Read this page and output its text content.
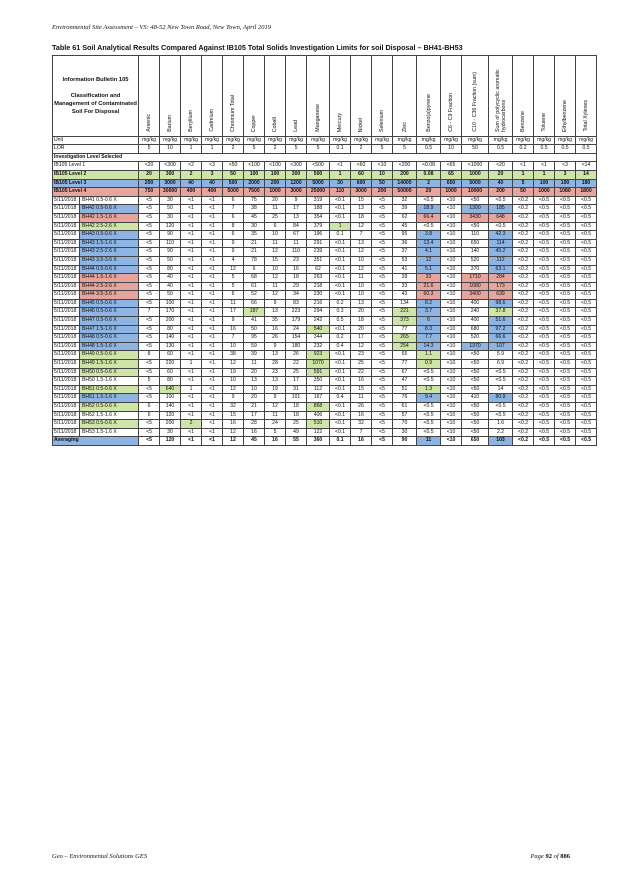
Environmental Site Assessment – VS: 48-52 New Town Road, New Town, April 2019
Table 61 Soil Analytical Results Compared Against IB105 Total Solids Investigation Limits for soil Disposal – BH41-BH53
Information Bulletin 105
Classification and Management of Contaminated Soil For Disposal		Arsenic	Barium	Beryllium	Cadmium	Chromium Total	Copper	Cobalt	Lead	Manganese	Mercury	Nickel	Selenium	Zinc	Benzo(a)pyrene	C6 - C9 Fraction	C10 - C36 Fraction (sum)	Sum of polycyclic aromatic hydrocarbons	Benzene	Toluene	Ethylbenzene	Total Xylenes
Unit		mg/kg	mg/kg	mg/kg	mg/kg	mg/kg	mg/kg	mg/kg	mg/kg	mg/kg	mg/kg	mg/kg	mg/kg	mg/kg	mg/kg	mg/kg	mg/kg	mg/kg	mg/kg	mg/kg	mg/kg	mg/kg
LOR		5	10	1	1	2	5	2	5	5	0.1	2	5	5	0.5	10	50	0.5	0.2	0.5	0.5	0.5
Investigation Level Selected																						
IB105 Level 1		<20	<300	<2	<3	<50	<100	<100	<300	<500	<1	<60	<10	<200	<0.08	<65	<1000	<20	<1	<1	<3	<14
IB105 Level 2		20	300	2	3	50	100	100	300	500	1	60	10	200	0.08	65	1000	20	1	1	3	14
IB105 Level 3		200	3000	40	40	500	2000	200	1200	5000	30	600	50	14000	2	650	5000	40	5	100	100	180
IB105 Level 4		750	30000	400	400	5000	7500	1000	3000	25000	110	3000	200	50000	20	1000	10000	200	50	1000	1080	1800
5/11/2018	BH41 0.5-0.6 X	<5	30	<1	<1	6	75	20	9	319	<0.1	15	<5	32	<0.5	<10	<50	<0.5	<0.2	<0.5	<0.5	<0.5
5/11/2018	BH42 0.5-0.6 X	<5	50	<1	<1	7	38	11	17	188	<0.1	13	<5	39	18.9	<10	1300	185	<0.2	<0.5	<0.5	<0.5
5/11/2018	BH42 1.5-1.6 X	<5	30	<1	<1	6	45	25	13	354	<0.1	18	<5	62	66.4	<10	3430	648	<0.2	<0.5	<0.5	<0.5
5/11/2018	BH42 2.5-2.6 X	<5	120	<1	<1	8	30	6	84	379	1	12	<5	45	<0.5	<10	<50	<0.5	<0.2	<0.5	<0.5	<0.5
5/11/2018	BH43 0.5-0.6 X	<5	90	<1	<1	6	35	10	67	196	0.1	7	<5	95	3.8	<10	110	42.3	<0.2	<0.5	<0.5	<0.5
5/11/2018	BH43 1.5-1.6 X	<5	110	<1	<1	9	21	11	11	291	<0.1	13	<5	36	13.4	<10	650	114	<0.2	<0.5	<0.5	<0.5
5/11/2018	BH43 2.5-2.6 X	<5	90	<1	<1	9	21	12	110	239	<0.1	12	<5	37	4.1	<10	140	45.2	<0.2	<0.5	<0.5	<0.5
5/11/2018	BH43 3.5-3.6 X	<5	50	<1	<1	4	78	15	23	351	<0.1	10	<5	53	12	<10	520	112	<0.2	<0.5	<0.5	<0.5
5/11/2018	BH44 0.5-0.6 X	<5	80	<1	<1	12	6	10	16	62	<0.1	12	<5	41	5.1	<10	370	63.1	<0.2	<0.5	<0.5	<0.5
5/11/2018	BH44 1.5-1.6 X	<5	40	<1	<1	5	68	12	18	263	<0.1	11	<5	39	33	<10	1710	284	<0.2	<0.5	<0.5	<0.5
5/11/2018	BH44 2.5-2.6 X	<5	40	<1	<1	5	61	11	29	218	<0.1	10	<5	33	21.6	<10	1680	173	<0.2	<0.5	<0.5	<0.5
5/11/2018	BH44 3.5-3.6 X	<5	50	<1	<1	6	52	12	34	230	<0.1	10	<5	43	60.3	<10	3400	639	<0.2	<0.5	<0.5	<0.5
5/11/2018	BH45 0.5-0.6 X	<5	100	<1	<1	11	66	9	83	216	0.2	13	<5	134	8.2	<10	400	98.6	<0.2	<0.5	<0.5	<0.5
5/11/2018	BH46 0.5-0.6 X	7	170	<1	<1	17	187	13	223	294	0.3	20	<5	221	3.7	<10	240	37.8	<0.2	<0.5	<0.5	<0.5
5/11/2018	BH47 0.5-0.6 X	<5	200	<1	<1	9	41	35	179	242	0.5	18	<5	373	6	<10	400	51.6	<0.2	<0.5	<0.5	<0.5
5/11/2018	BH47 1.5-1.6 X	<5	80	<1	<1	16	50	16	24	540	<0.1	20	<5	77	8.3	<10	680	97.2	<0.2	<0.5	<0.5	<0.5
5/11/2018	BH48 0.5-0.6 X	<5	140	<1	<1	7	95	26	154	344	0.2	17	<5	265	7.7	<10	520	66.6	<0.2	<0.5	<0.5	<0.5
5/11/2018	BH48 1.5-1.6 X	<5	130	<1	<1	10	59	9	180	232	0.4	12	<5	254	14.3	<10	1370	107	<0.2	<0.5	<0.5	<0.5
5/11/2018	BH49 0.5-0.6 X	8	60	<1	<1	38	39	13	26	923	<0.1	23	<5	65	1.1	<10	<50	5.9	<0.2	<0.5	<0.5	<0.5
5/11/2018	BH49 1.5-1.6 X	<5	220	1	<1	12	11	28	22	1070	<0.1	25	<5	77	0.9	<10	<50	6.9	<0.2	<0.5	<0.5	<0.5
5/11/2018	BH50 0.5-0.6 X	<5	60	<1	<1	19	20	23	25	591	<0.1	22	<5	67	<0.5	<10	<50	<0.5	<0.2	<0.5	<0.5	<0.5
5/11/2018	BH50 1.5-1.6 X	5	80	<1	<1	10	13	13	17	350	<0.1	16	<5	47	<0.5	<10	<50	<0.5	<0.2	<0.5	<0.5	<0.5
5/11/2018	BH51 0.5-0.6 X	<5	640	1	<1	12	10	19	31	112	<0.1	15	<5	51	1.3	<10	<50	14	<0.2	<0.5	<0.5	<0.5
5/11/2018	BH51 1.5-1.6 X	<5	100	<1	<1	9	20	9	101	167	0.4	11	<5	76	9.4	<10	410	80.9	<0.2	<0.5	<0.5	<0.5
5/11/2018	BH52 0.5-0.6 X	6	140	<1	<1	32	21	12	18	868	<0.1	26	<5	61	<0.5	<10	<50	<0.5	<0.2	<0.5	<0.5	<0.5
5/11/2018	BH52 1.5-1.6 X	6	120	<1	<1	15	17	11	18	406	<0.1	16	<5	57	<0.5	<10	<50	<0.5	<0.2	<0.5	<0.5	<0.5
5/11/2018	BH53 0.5-0.6 X	<5	200	2	<1	16	28	24	25	510	<0.1	32	<5	70	<0.5	<10	<50	1.6	<0.2	<0.5	<0.5	<0.5
5/11/2018	BH53 1.5-1.6 X	<5	30	<1	<1	12	16	5	49	122	<0.1	7	<5	30	<0.5	<10	<50	2.2	<0.2	<0.5	<0.5	<0.5
Averaging		<5	120	<1	<1	12	45	16	55	360	0.1	16	<5	90	11	<10	650	103	<0.2	<0.5	<0.5	<0.5
Geo – Environmental Solutions GES	Page 92 of 886
